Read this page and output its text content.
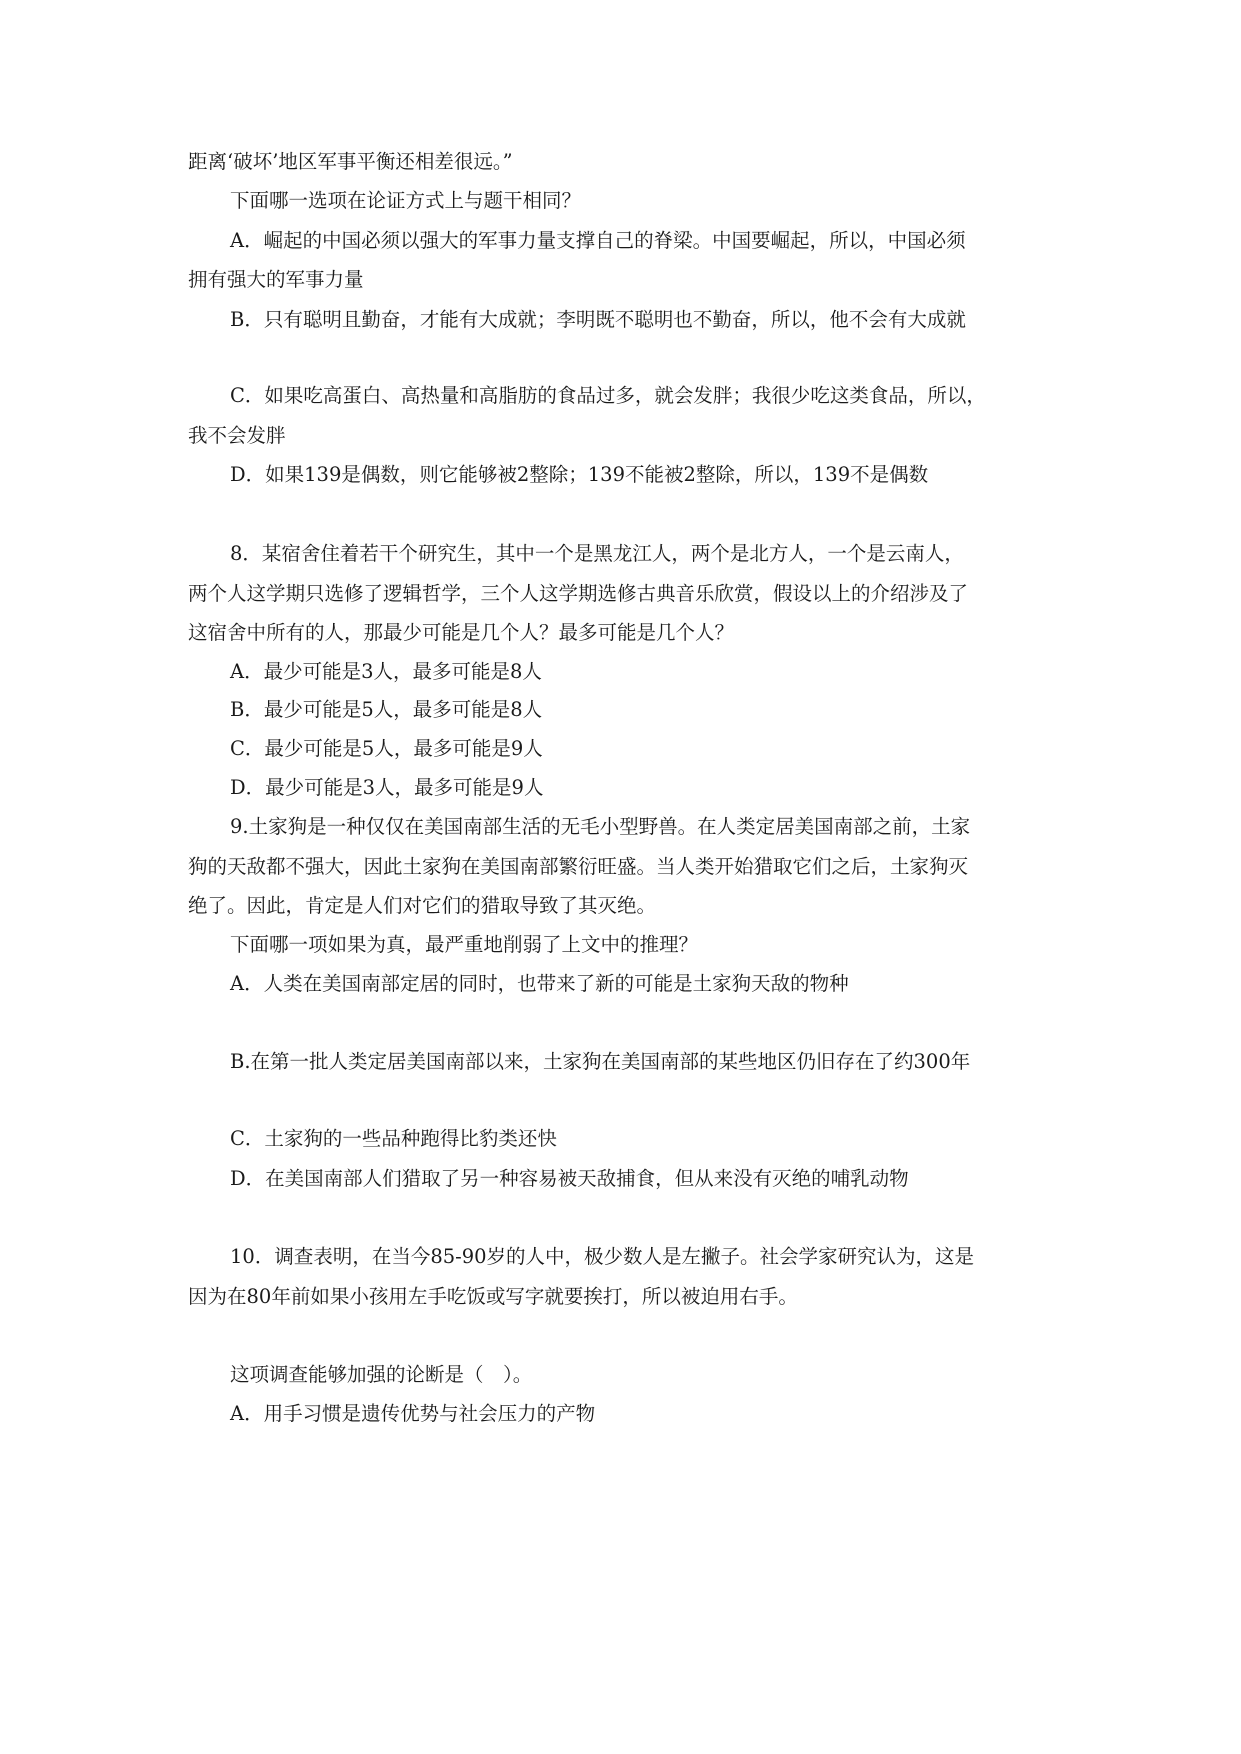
距离‘破坏’地区军事平衡还相差很远。”
下面哪一选项在论证方式上与题干相同？
A．崛起的中国必须以强大的军事力量支撑自己的脊梁。中国要崛起，所以，中国必须
拥有强大的军事力量
B．只有聪明且勤奋，才能有大成就；李明既不聪明也不勤奋，所以，他不会有大成就
C．如果吃高蛋白、高热量和高脂肪的食品过多，就会发胖；我很少吃这类食品，所以，
我不会发胖
D．如果139是偶数，则它能够被2整除；139不能被2整除，所以，139不是偶数
8．某宿舍住着若干个研究生，其中一个是黑龙江人，两个是北方人，一个是云南人，
两个人这学期只选修了逻辑哲学，三个人这学期选修古典音乐欣赏，假设以上的介绍涉及了
这宿舍中所有的人，那最少可能是几个人？最多可能是几个人？
A．最少可能是3人，最多可能是8人
B．最少可能是5人，最多可能是8人
C．最少可能是5人，最多可能是9人
D．最少可能是3人，最多可能是9人
9.土家狗是一种仅仅在美国南部生活的无毛小型野兽。在人类定居美国南部之前，土家
狗的天敌都不强大，因此土家狗在美国南部繁衍旺盛。当人类开始猎取它们之后，土家狗灭
绝了。因此，肯定是人们对它们的猎取导致了其灭绝。
下面哪一项如果为真，最严重地削弱了上文中的推理？
A．人类在美国南部定居的同时，也带来了新的可能是土家狗天敌的物种
B.在第一批人类定居美国南部以来，土家狗在美国南部的某些地区仍旧存在了约300年
C．土家狗的一些品种跑得比豹类还快
D．在美国南部人们猎取了另一种容易被天敌捕食，但从来没有灭绝的哺乳动物
10．调查表明，在当今85-90岁的人中，极少数人是左撇子。社会学家研究认为，这是
因为在80年前如果小孩用左手吃饭或写字就要挨打，所以被迫用右手。
这项调查能够加强的论断是（　）。
A．用手习惯是遗传优势与社会压力的产物
